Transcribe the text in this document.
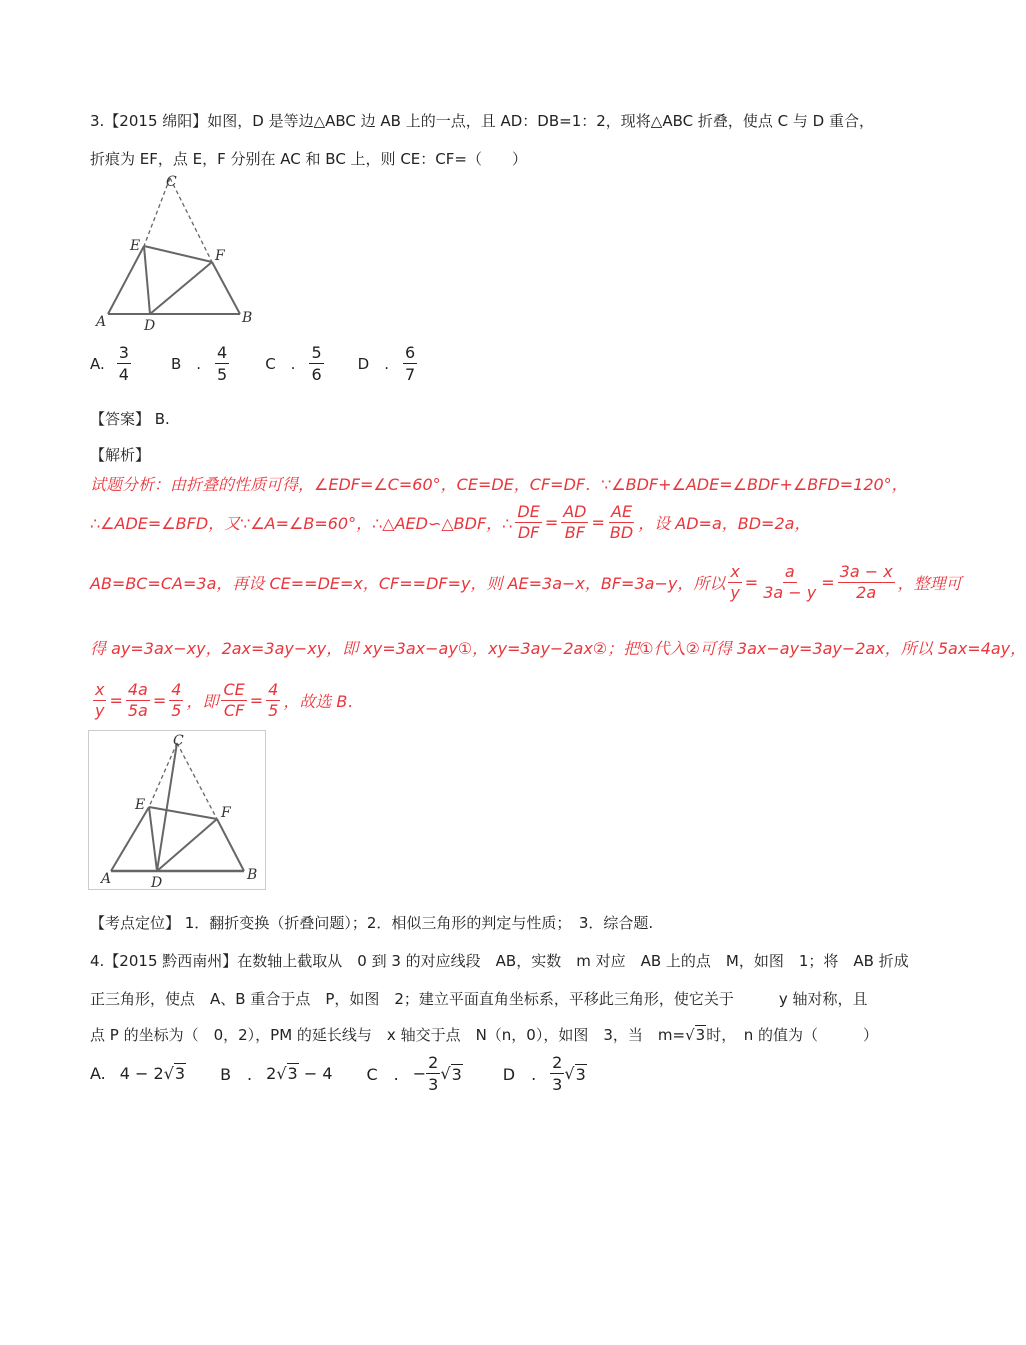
3.【2015 绵阳】如图，D 是等边△ABC 边 AB 上的一点，且 AD：DB=1：2，现将△ABC 折叠，使点 C 与 D 重合，
折痕为 EF，点 E，F 分别在 AC 和 BC 上，则 CE：CF=（　　）
C
E
F
A	D	B
A. $\frac{3}{4}$	B　. $\frac{4}{5}$ C　. $\frac{5}{6}$ D　. $\frac{6}{7}$
【答案】 B.
【解析】
试题分析：由折叠的性质可得，∠EDF=∠C=60°，CE=DE，CF=DF．∵∠BDF+∠ADE=∠BDF+∠BFD=120°，
∴∠ADE=∠BFD，又∵∠A=∠B=60°，∴△AED∽△BDF，∴ $\frac{DE}{DF} = \frac{AD}{BF} = \frac{AE}{BD}$ ，设 AD=a，BD=2a，
AB=BC=CA=3a，再设 CE==DE=x，CF==DF=y，则 AE=3a−x，BF=3a−y，所以 $\frac{x}{y} = \frac{a}{3a - y} = \frac{3a - x}{2a}$ ，整理可
得 ay=3ax−xy，2ax=3ay−xy，即 xy=3ax−ay①，xy=3ay−2ax②；把①代入②可得 3ax−ay=3ay−2ax，所以 5ax=4ay，
$\frac{x}{y} = \frac{4a}{5a} = \frac{4}{5}$ ，即 $\frac{CE}{CF} = \frac{4}{5}$ ，故选 B．
C
E	F
A	D	B
【考点定位】 1．翻折变换（折叠问题）；2．相似三角形的判定与性质；　3．综合题.
4.【2015 黔西南州】在数轴上截取从　0 到 3 的对应线段　AB，实数　m 对应　AB 上的点　M，如图　1；将　AB 折成
正三角形，使点　A、B 重合于点　P，如图　2；建立平面直角坐标系，平移此三角形，使它关于　　　y 轴对称，且
点 P 的坐标为（　0，2），PM 的延长线与　x 轴交于点　N（n，0），如图　3，当　m=√3时，　n 的值为（　　　）
A. 4 − 2√3 B　. 2√3 − 4 C　. − $\frac{2}{3}$ √ 3	D　. $\frac{2}{3}$ √ 3
